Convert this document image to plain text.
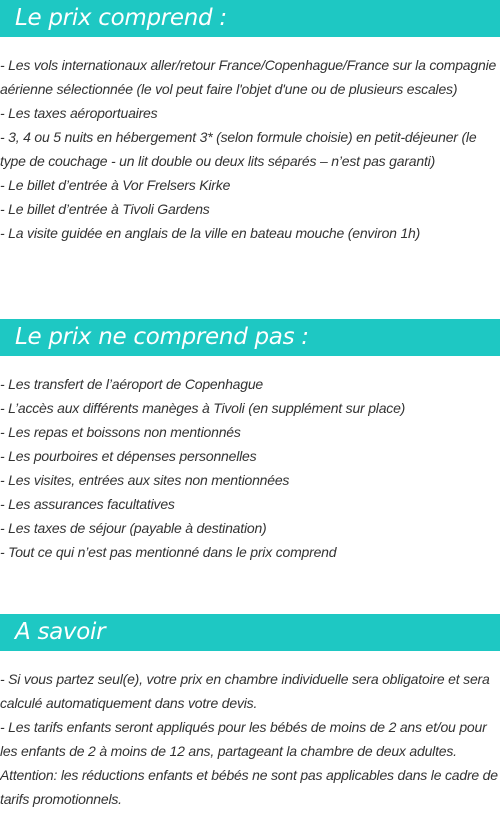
Le prix comprend :
- Les vols internationaux aller/retour France/Copenhague/France sur la compagnie aérienne sélectionnée (le vol peut faire l'objet d'une ou de plusieurs escales)
- Les taxes aéroportuaires
- 3, 4 ou 5 nuits en hébergement 3* (selon formule choisie) en petit-déjeuner (le type de couchage - un lit double ou deux lits séparés – n’est pas garanti)
- Le billet d’entrée à Vor Frelsers Kirke
- Le billet d’entrée à Tivoli Gardens
- La visite guidée en anglais de la ville en bateau mouche (environ 1h)
Le prix ne comprend pas :
- Les transfert de l’aéroport de Copenhague
- L’accès aux différents manèges à Tivoli (en supplément sur place)
- Les repas et boissons non mentionnés
- Les pourboires et dépenses personnelles
- Les visites, entrées aux sites non mentionnées
- Les assurances facultatives
- Les taxes de séjour (payable à destination)
- Tout ce qui n’est pas mentionné dans le prix comprend
A savoir
- Si vous partez seul(e), votre prix en chambre individuelle sera obligatoire et sera calculé automatiquement dans votre devis.
- Les tarifs enfants seront appliqués pour les bébés de moins de 2 ans et/ou pour les enfants de 2 à moins de 12 ans, partageant la chambre de deux adultes. Attention: les réductions enfants et bébés ne sont pas applicables dans le cadre de tarifs promotionnels.
